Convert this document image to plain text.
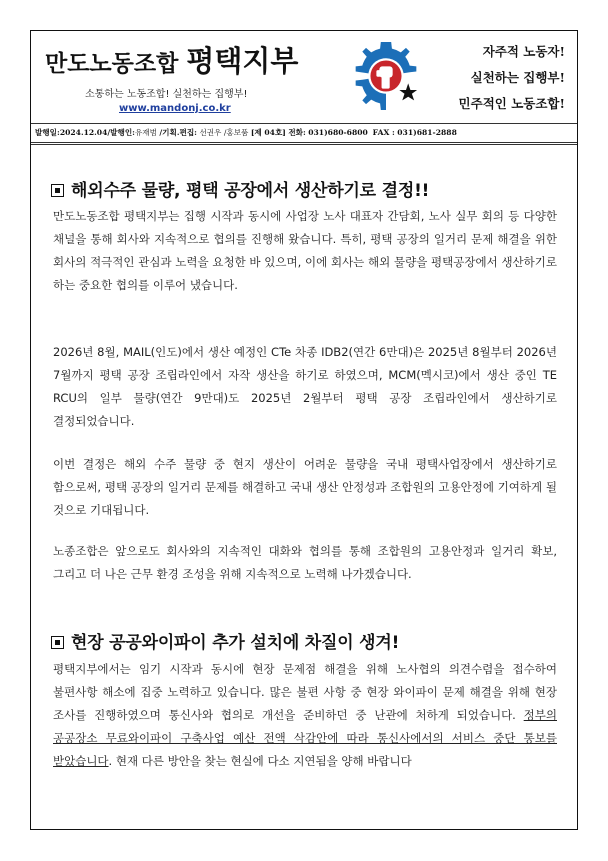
만도노동조합 평택지부
소통하는 노동조합! 실천하는 집행부!
www.mandonj.co.kr
자주적 노동자!
실천하는 집행부!
민주적인 노동조합!
발행일:2024.12.04/발행인:유재범 /기획.편집: 선권우 /홍보품 [제 04호] 전화: 031)680-6800 FAX : 031)681-2888
해외수주 물량, 평택 공장에서 생산하기로 결정!!

만도노동조합 평택지부는 집행 시작과 동시에 사업장 노사 대표자 간담회, 노사 실무 회의 등 다양한 채널을 통해 회사와 지속적으로 협의를 진행해 왔습니다. 특히, 평택 공장의 일거리 문제 해결을 위한 회사의 적극적인 관심과 노력을 요청한 바 있으며, 이에 회사는 해외 물량을 평택공장에서 생산하기로 하는 중요한 협의를 이루어 냈습니다.

2026년 8월, MAIL(인도)에서 생산 예정인 CTe 차종 IDB2(연간 6만대)은 2025년 8월부터 2026년 7월까지 평택 공장 조립라인에서 자작 생산을 하기로 하였으며, MCM(멕시코)에서 생산 중인 TE RCU의 일부 물량(연간 9만대)도 2025년 2월부터 평택 공장 조립라인에서 생산하기로 결정되었습니다.

이번 결정은 해외 수주 물량 중 현지 생산이 어려운 물량을 국내 평택사업장에서 생산하기로 함으로써, 평택 공장의 일거리 문제를 해결하고 국내 생산 안정성과 조합원의 고용안정에 기여하게 될 것으로 기대됩니다.

노종조합은 앞으로도 회사와의 지속적인 대화와 협의를 통해 조합원의 고용안정과 일거리 확보, 그리고 더 나은 근무 환경 조성을 위해 지속적으로 노력해 나가겠습니다.

현장 공공와이파이 추가 설치에 차질이 생겨!

평택지부에서는 임기 시작과 동시에 현장 문제점 해결을 위해 노사협의 의견수렴을 접수하여 불편사항 해소에 집중 노력하고 있습니다. 많은 불편 사항 중 현장 와이파이 문제 해결을 위해 현장 조사를 진행하였으며 통신사와 협의로 개선을 준비하던 중 난관에 처하게 되었습니다. 정부의 공공장소 무료와이파이 구축사업 예산 전액 삭감안에 따라 통신사에서의 서비스 중단 통보를 받았습니다. 현재 다른 방안을 찾는 현실에 다소 지연됨을 양해 바랍니다
